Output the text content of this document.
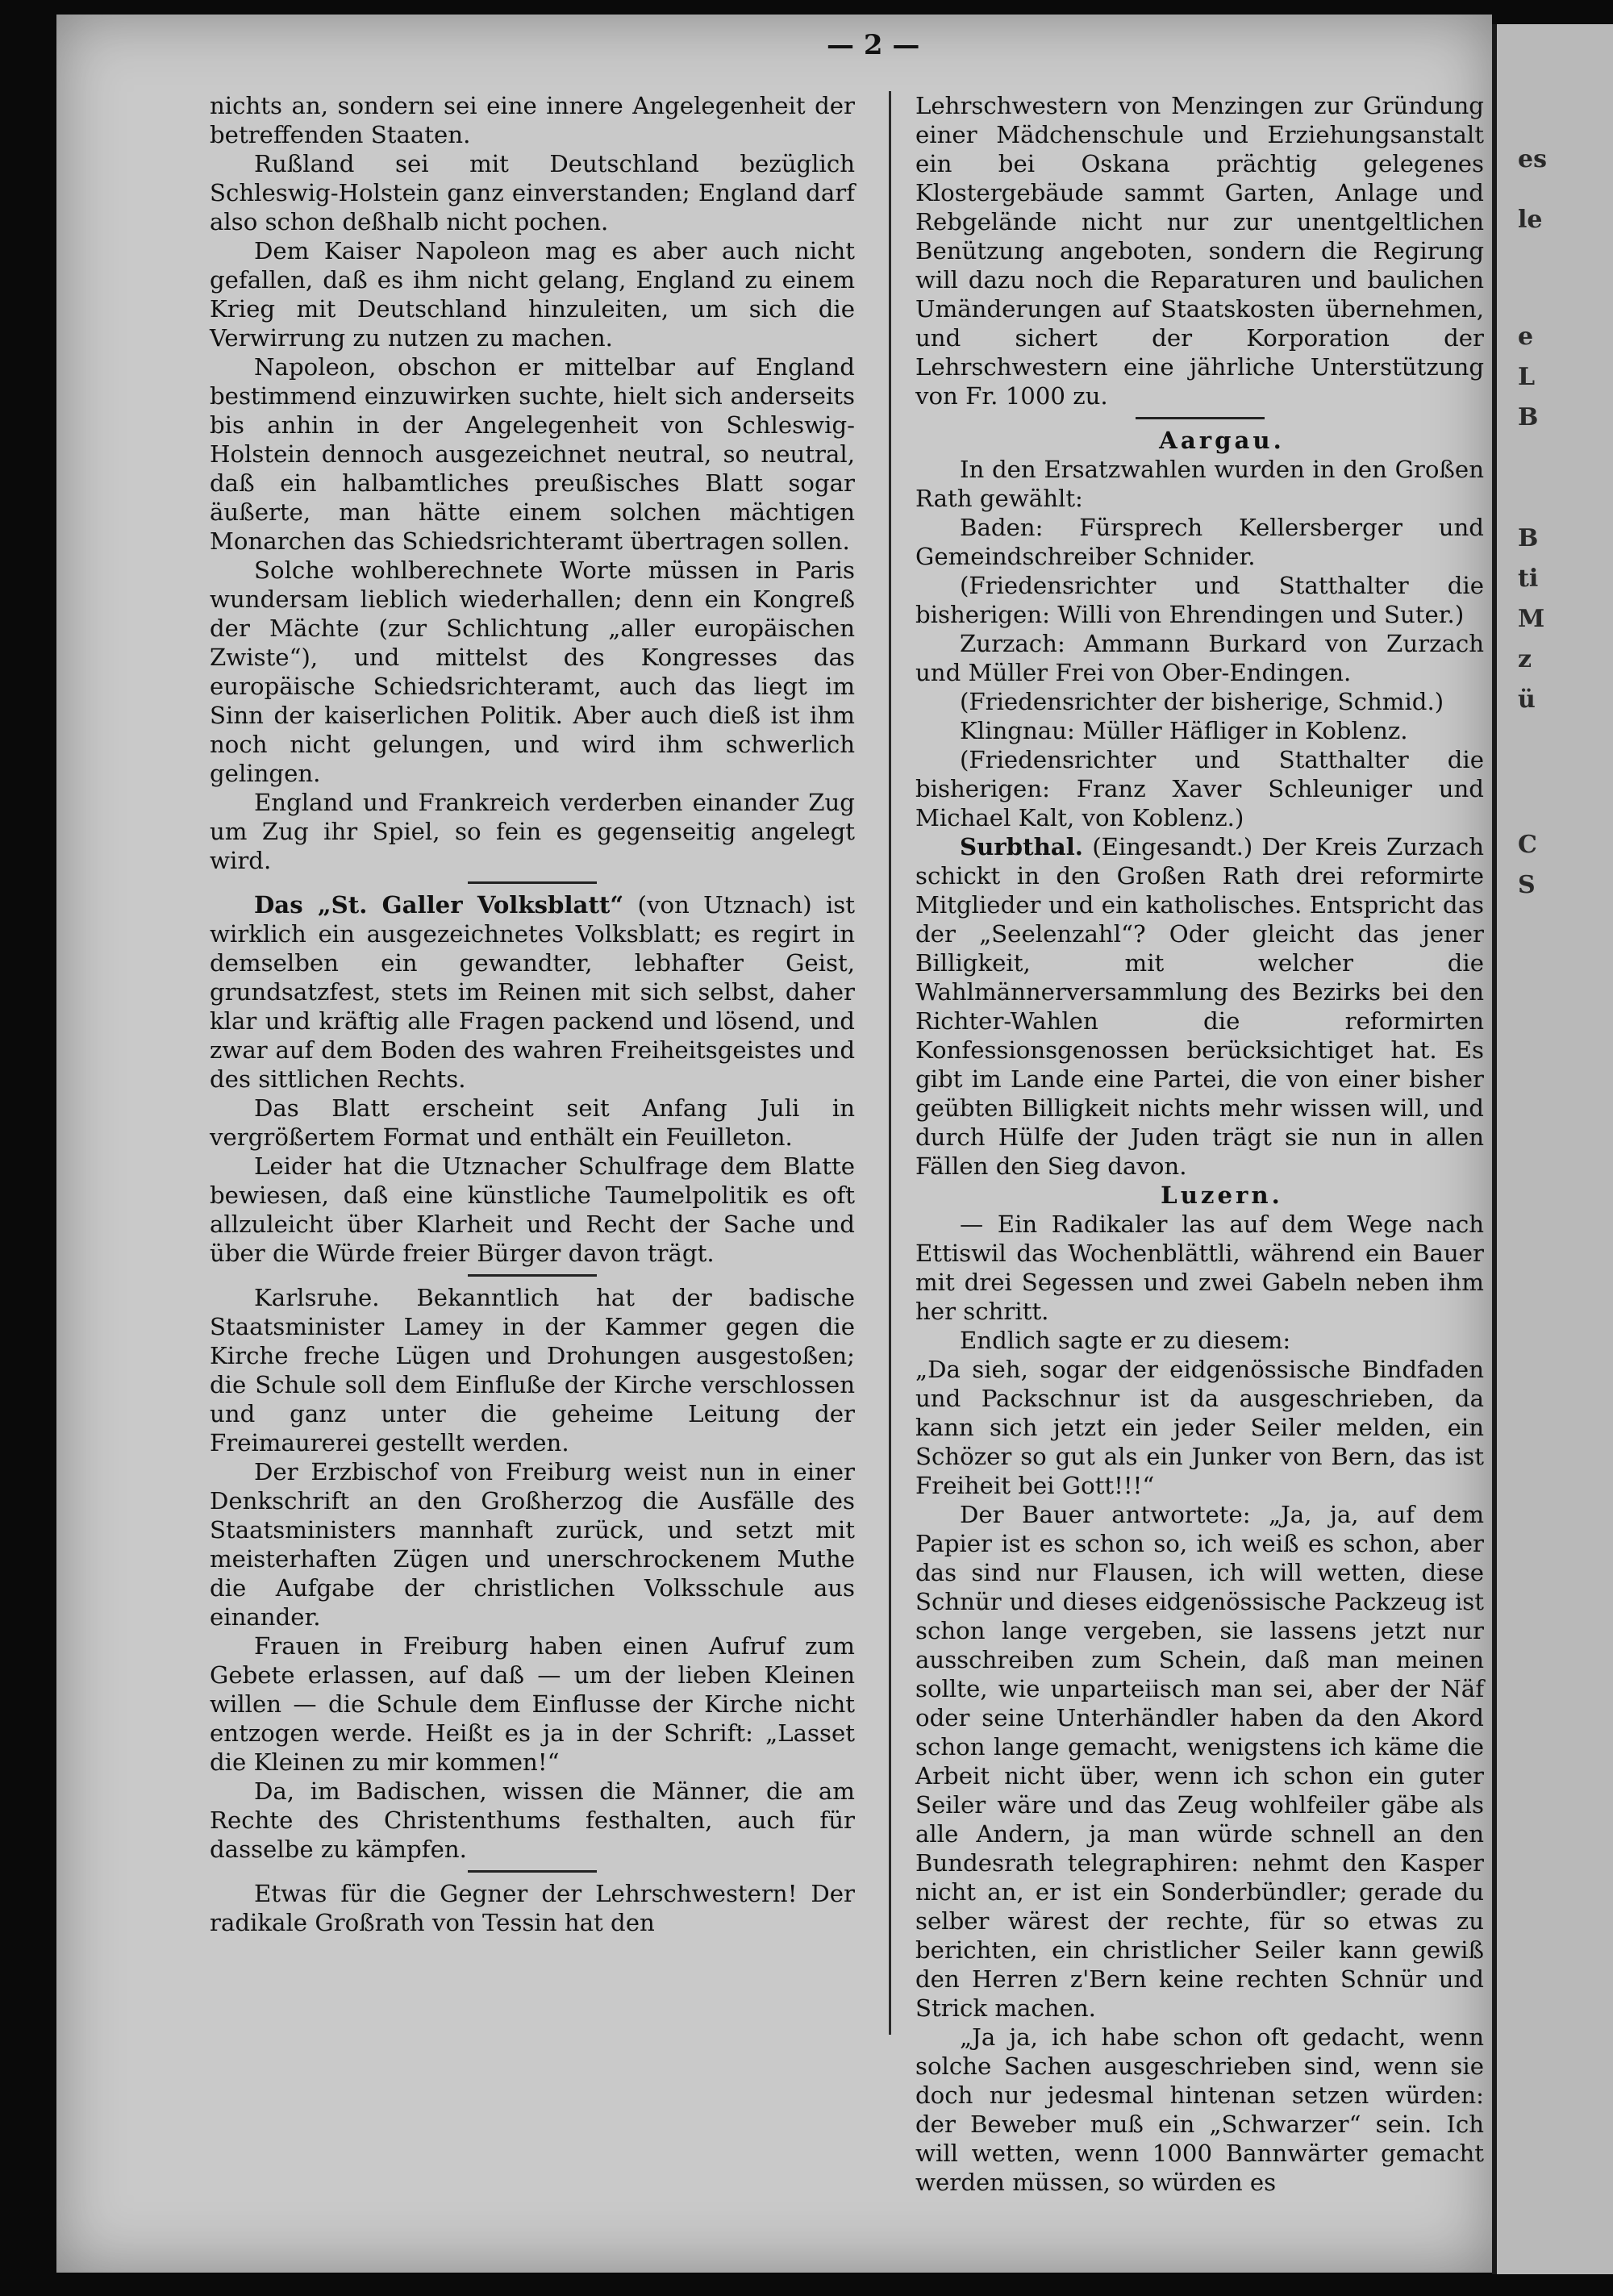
— 2 —

nichts an, sondern sei eine innere Angelegenheit der betreffenden Staaten.

Rußland sei mit Deutschland bezüglich Schleswig-Holstein ganz einverstanden; England darf also schon deßhalb nicht pochen.

Dem Kaiser Napoleon mag es aber auch nicht gefallen, daß es ihm nicht gelang, England zu einem Krieg mit Deutschland hinzuleiten, um sich die Verwirrung zu nutzen zu machen.

Napoleon, obschon er mittelbar auf England bestimmend einzuwirken suchte, hielt sich anderseits bis anhin in der Angelegenheit von Schleswig-Holstein dennoch ausgezeichnet neutral, so neutral, daß ein halbamtliches preußisches Blatt sogar äußerte, man hätte einem solchen mächtigen Monarchen das Schiedsrichteramt übertragen sollen.

Solche wohlberechnete Worte müssen in Paris wundersam lieblich wiederhallen; denn ein Kongreß der Mächte (zur Schlichtung „aller europäischen Zwiste“), und mittelst des Kongresses das europäische Schiedsrichteramt, auch das liegt im Sinn der kaiserlichen Politik. Aber auch dieß ist ihm noch nicht gelungen, und wird ihm schwerlich gelingen.

England und Frankreich verderben einander Zug um Zug ihr Spiel, so fein es gegenseitig angelegt wird.

Das „St. Galler Volksblatt“ (von Utznach) ist wirklich ein ausgezeichnetes Volksblatt; es regirt in demselben ein gewandter, lebhafter Geist, grundsatzfest, stets im Reinen mit sich selbst, daher klar und kräftig alle Fragen packend und lösend, und zwar auf dem Boden des wahren Freiheitsgeistes und des sittlichen Rechts.

Das Blatt erscheint seit Anfang Juli in vergrößertem Format und enthält ein Feuilleton.

Leider hat die Utznacher Schulfrage dem Blatte bewiesen, daß eine künstliche Taumelpolitik es oft allzuleicht über Klarheit und Recht der Sache und über die Würde freier Bürger davon trägt.

Karlsruhe. Bekanntlich hat der badische Staatsminister Lamey in der Kammer gegen die Kirche freche Lügen und Drohungen ausgestoßen; die Schule soll dem Einfluße der Kirche verschlossen und ganz unter die geheime Leitung der Freimaurerei gestellt werden.

Der Erzbischof von Freiburg weist nun in einer Denkschrift an den Großherzog die Ausfälle des Staatsministers mannhaft zurück, und setzt mit meisterhaften Zügen und unerschrockenem Muthe die Aufgabe der christlichen Volksschule aus einander.

Frauen in Freiburg haben einen Aufruf zum Gebete erlassen, auf daß — um der lieben Kleinen willen — die Schule dem Einflusse der Kirche nicht entzogen werde. Heißt es ja in der Schrift: „Lasset die Kleinen zu mir kommen!“

Da, im Badischen, wissen die Männer, die am Rechte des Christenthums festhalten, auch für dasselbe zu kämpfen.

Etwas für die Gegner der Lehrschwestern! Der radikale Großrath von Tessin hat den

Lehrschwestern von Menzingen zur Gründung einer Mädchenschule und Erziehungsanstalt ein bei Oskana prächtig gelegenes Klostergebäude sammt Garten, Anlage und Rebgelände nicht nur zur unentgeltlichen Benützung angeboten, sondern die Regirung will dazu noch die Reparaturen und baulichen Umänderungen auf Staatskosten übernehmen, und sichert der Korporation der Lehrschwestern eine jährliche Unterstützung von Fr. 1000 zu.

Aargau.

In den Ersatzwahlen wurden in den Großen Rath gewählt:

Baden: Fürsprech Kellersberger und Gemeindschreiber Schnider.

(Friedensrichter und Statthalter die bisherigen: Willi von Ehrendingen und Suter.)

Zurzach: Ammann Burkard von Zurzach und Müller Frei von Ober-Endingen.

(Friedensrichter der bisherige, Schmid.)

Klingnau: Müller Häfliger in Koblenz.

(Friedensrichter und Statthalter die bisherigen: Franz Xaver Schleuniger und Michael Kalt, von Koblenz.)

Surbthal. (Eingesandt.) Der Kreis Zurzach schickt in den Großen Rath drei reformirte Mitglieder und ein katholisches. Entspricht das der „Seelenzahl“? Oder gleicht das jener Billigkeit, mit welcher die Wahlmännerversammlung des Bezirks bei den Richter-Wahlen die reformirten Konfessionsgenossen berücksichtiget hat. Es gibt im Lande eine Partei, die von einer bisher geübten Billigkeit nichts mehr wissen will, und durch Hülfe der Juden trägt sie nun in allen Fällen den Sieg davon.

Luzern.

— Ein Radikaler las auf dem Wege nach Ettiswil das Wochenblättli, während ein Bauer mit drei Segessen und zwei Gabeln neben ihm her schritt.

Endlich sagte er zu diesem:

„Da sieh, sogar der eidgenössische Bindfaden und Packschnur ist da ausgeschrieben, da kann sich jetzt ein jeder Seiler melden, ein Schözer so gut als ein Junker von Bern, das ist Freiheit bei Gott!!!“

Der Bauer antwortete: „Ja, ja, auf dem Papier ist es schon so, ich weiß es schon, aber das sind nur Flausen, ich will wetten, diese Schnür und dieses eidgenössische Packzeug ist schon lange vergeben, sie lassens jetzt nur ausschreiben zum Schein, daß man meinen sollte, wie unparteiisch man sei, aber der Näf oder seine Unterhändler haben da den Akord schon lange gemacht, wenigstens ich käme die Arbeit nicht über, wenn ich schon ein guter Seiler wäre und das Zeug wohlfeiler gäbe als alle Andern, ja man würde schnell an den Bundesrath telegraphiren: nehmt den Kasper nicht an, er ist ein Sonderbündler; gerade du selber wärest der rechte, für so etwas zu berichten, ein christlicher Seiler kann gewiß den Herren z'Bern keine rechten Schnür und Strick machen.

„Ja ja, ich habe schon oft gedacht, wenn solche Sachen ausgeschrieben sind, wenn sie doch nur jedesmal hintenan setzen würden: der Beweber muß ein „Schwarzer“ sein. Ich will wetten, wenn 1000 Bannwärter gemacht werden müssen, so würden es

es
le
e
L
B
B
ti
M
z
ü
C
S
